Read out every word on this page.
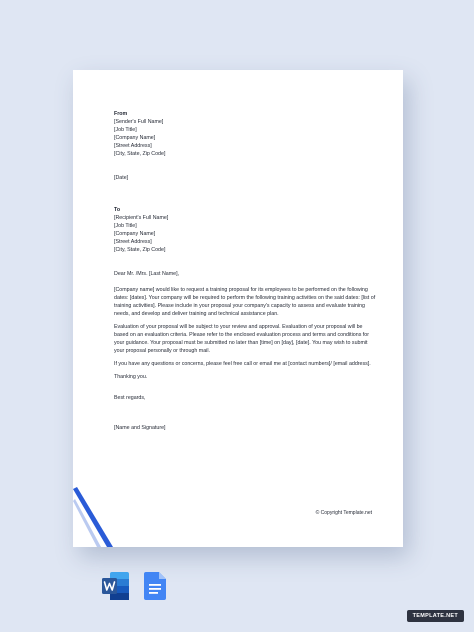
From
[Sender's Full Name]
[Job Title]
[Company Name]
[Street Address]
[City, State, Zip Code]
[Date]
To
[Recipient's Full Name]
[Job Title]
[Company Name]
[Street Address]
[City, State, Zip Code]
Dear Mr. /Mrs. [Last Name],

[Company name] would like to request a training proposal for its employees to be performed on the following dates: [dates]. Your company will be required to perform the following training activities on the said dates: [list of training activities]. Please include in your proposal your company's capacity to assess and evaluate training needs, and develop and deliver training and technical assistance plan.

Evaluation of your proposal will be subject to your review and approval. Evaluation of your proposal will be based on an evaluation criteria. Please refer to the enclosed evaluation process and terms and conditions for your guidance. Your proposal must be submitted no later than [time] on [day], [date]. You may wish to submit your proposal personally or through mail.

If you have any questions or concerns, please feel free call or email me at [contact numbers]/ [email address].

Thanking you.

Best regards,
[Name and Signature]
© Copyright Template.net
TEMPLATE.NET
